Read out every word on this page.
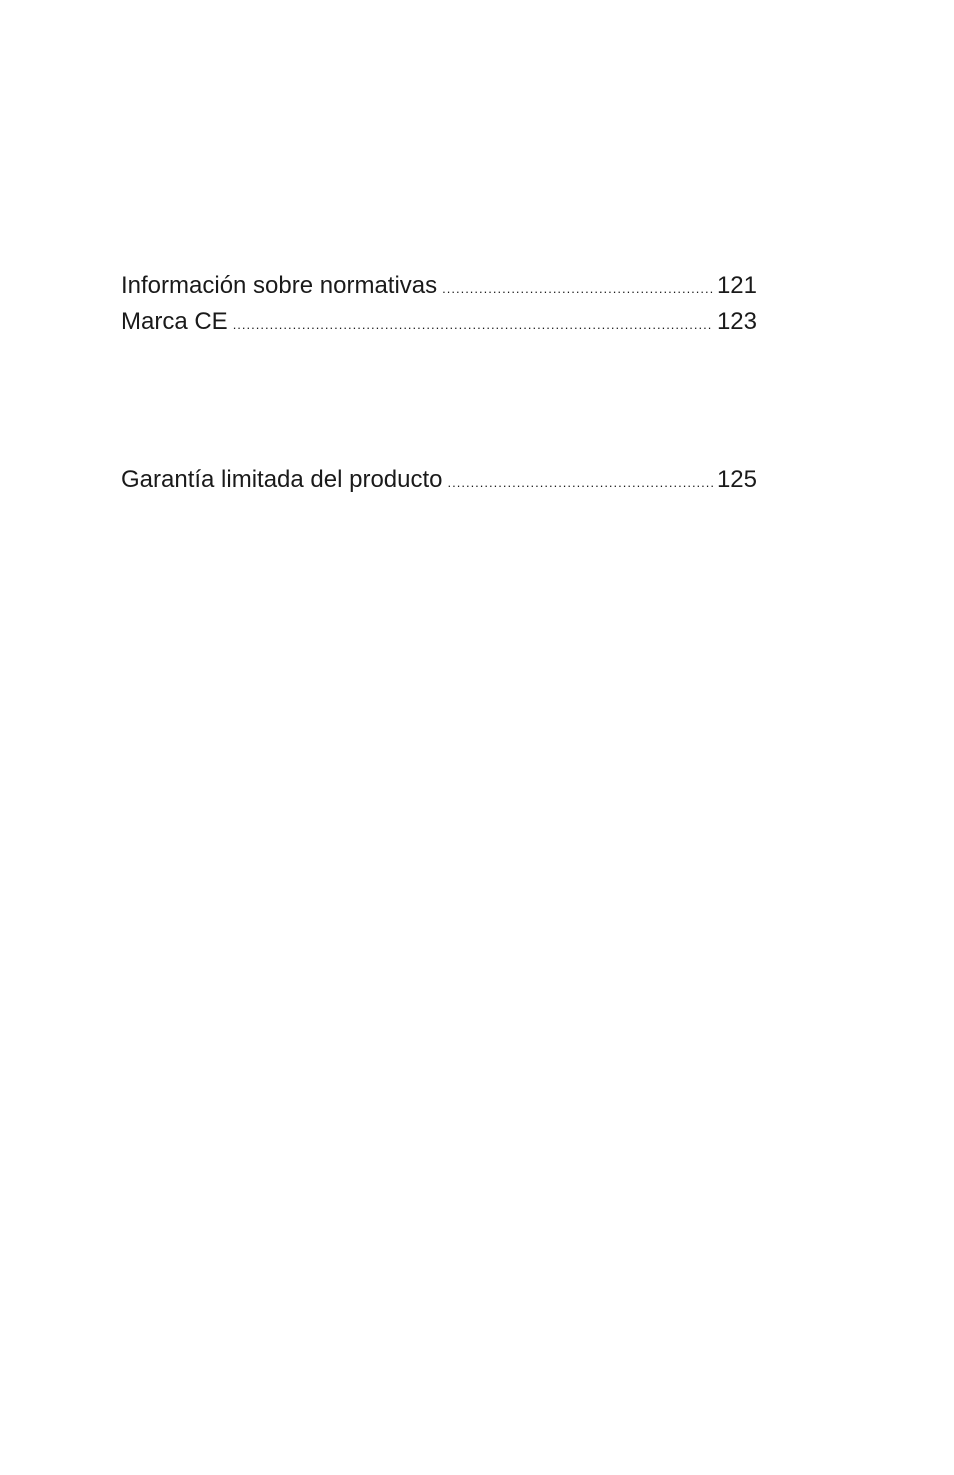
Información sobre normativas .....	121
Marca CE .....	123
Garantía limitada del producto .....	125
